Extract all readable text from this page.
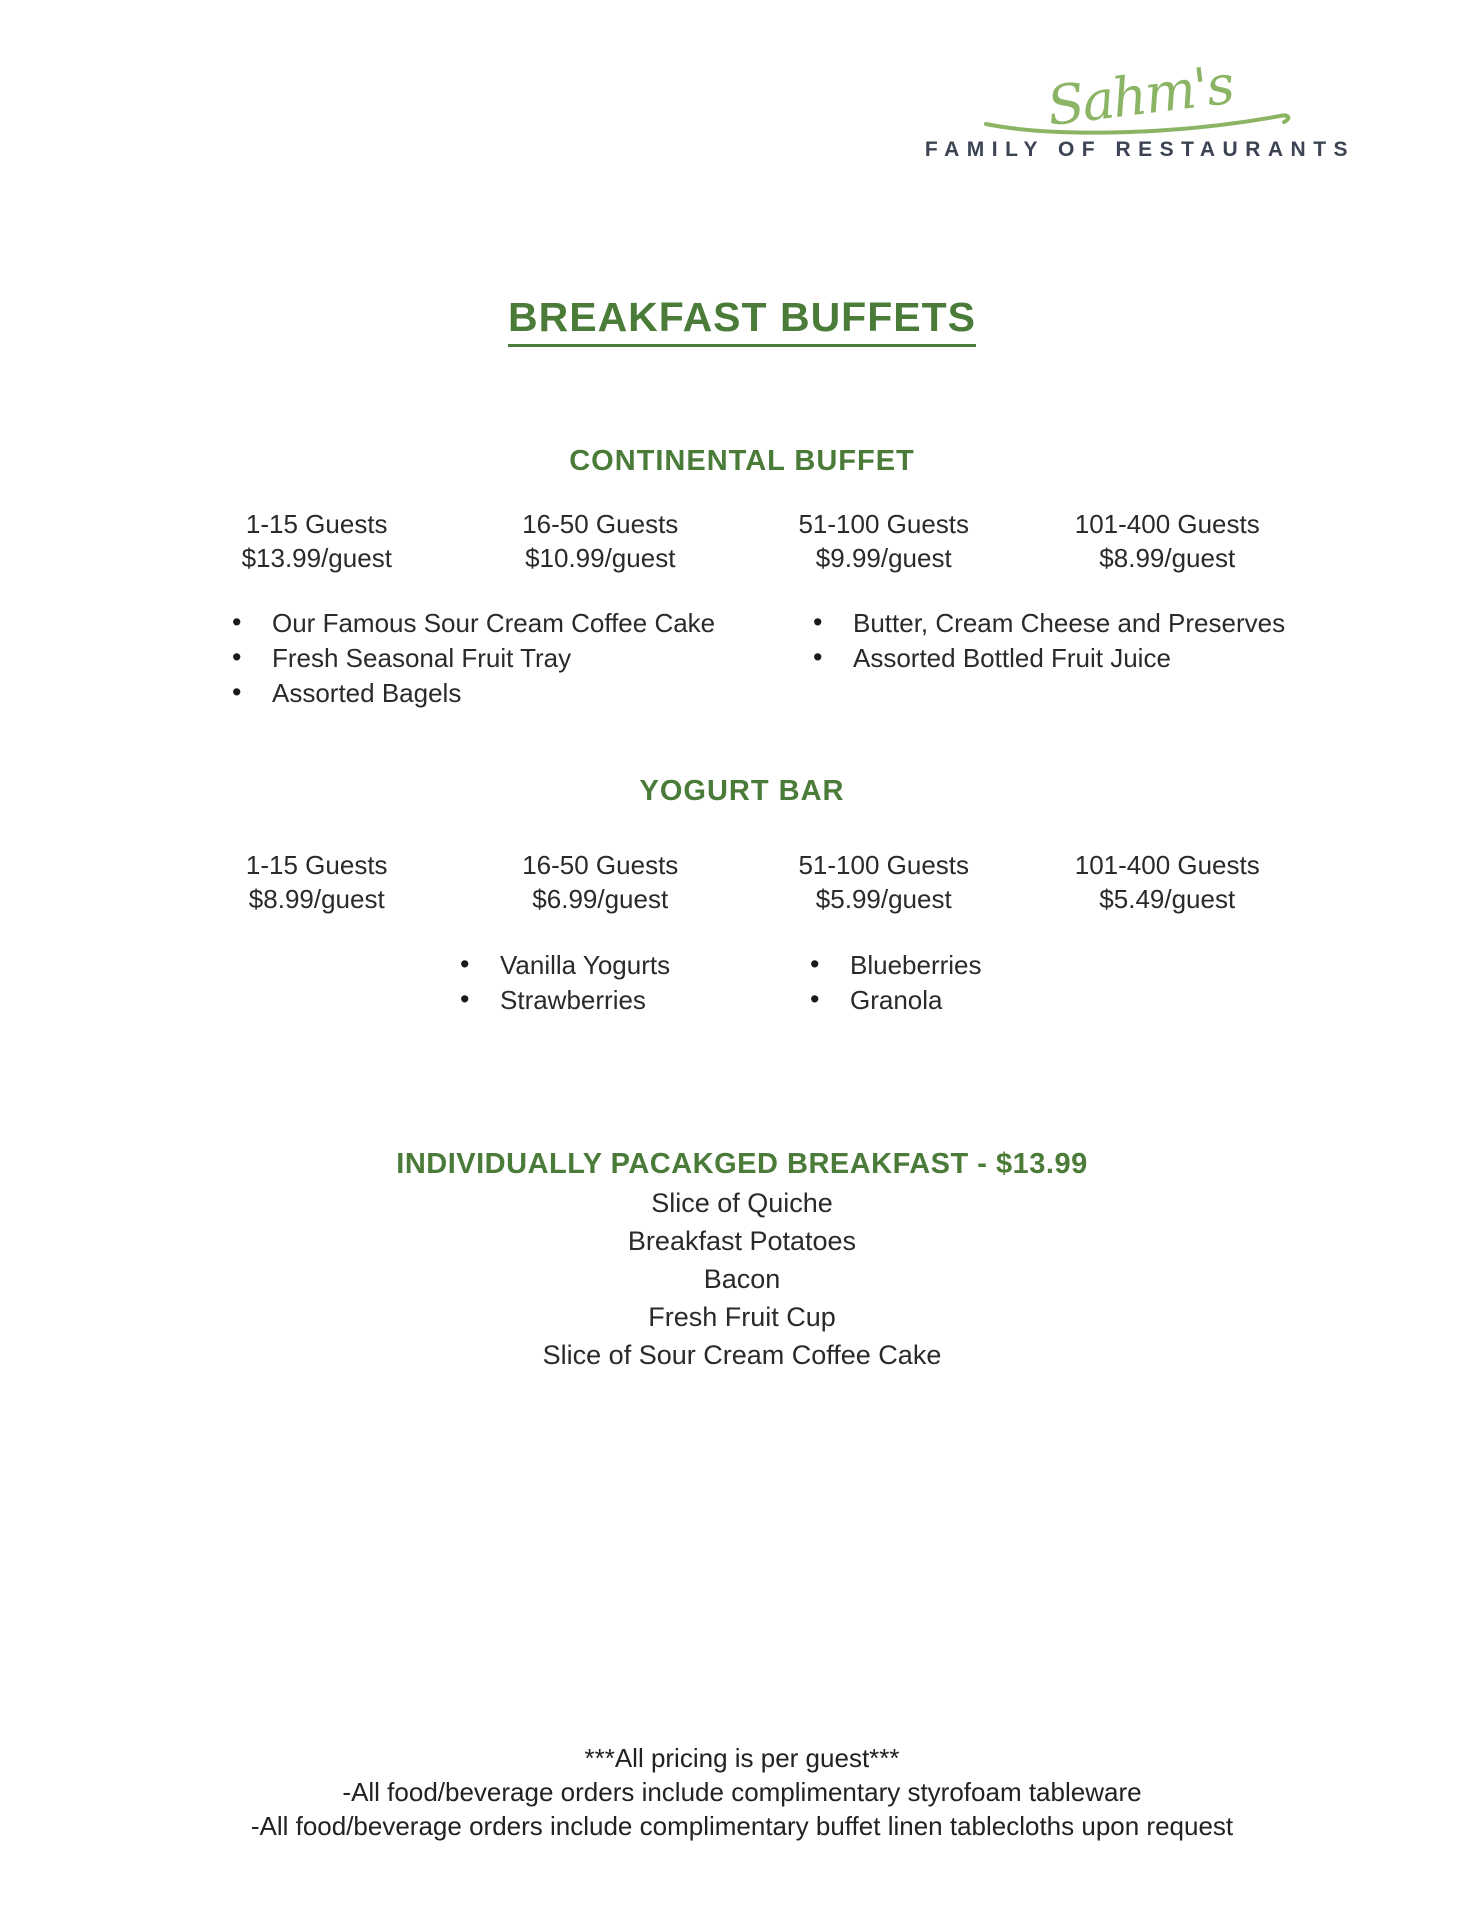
Sahm's
FAMILY OF RESTAURANTS
BREAKFAST BUFFETS
CONTINENTAL BUFFET
1-15 Guests
$13.99/guest
16-50 Guests
$10.99/guest
51-100 Guests
$9.99/guest
101-400 Guests
$8.99/guest
• Our Famous Sour Cream Coffee Cake
• Fresh Seasonal Fruit Tray
• Assorted Bagels
• Butter, Cream Cheese and Preserves
• Assorted Bottled Fruit Juice
YOGURT BAR
1-15 Guests
$8.99/guest
16-50 Guests
$6.99/guest
51-100 Guests
$5.99/guest
101-400 Guests
$5.49/guest
• Vanilla Yogurts
• Strawberries
• Blueberries
• Granola
INDIVIDUALLY PACAKGED BREAKFAST - $13.99
Slice of Quiche
Breakfast Potatoes
Bacon
Fresh Fruit Cup
Slice of Sour Cream Coffee Cake
***All pricing is per guest***
-All food/beverage orders include complimentary styrofoam tableware
-All food/beverage orders include complimentary buffet linen tablecloths upon request
